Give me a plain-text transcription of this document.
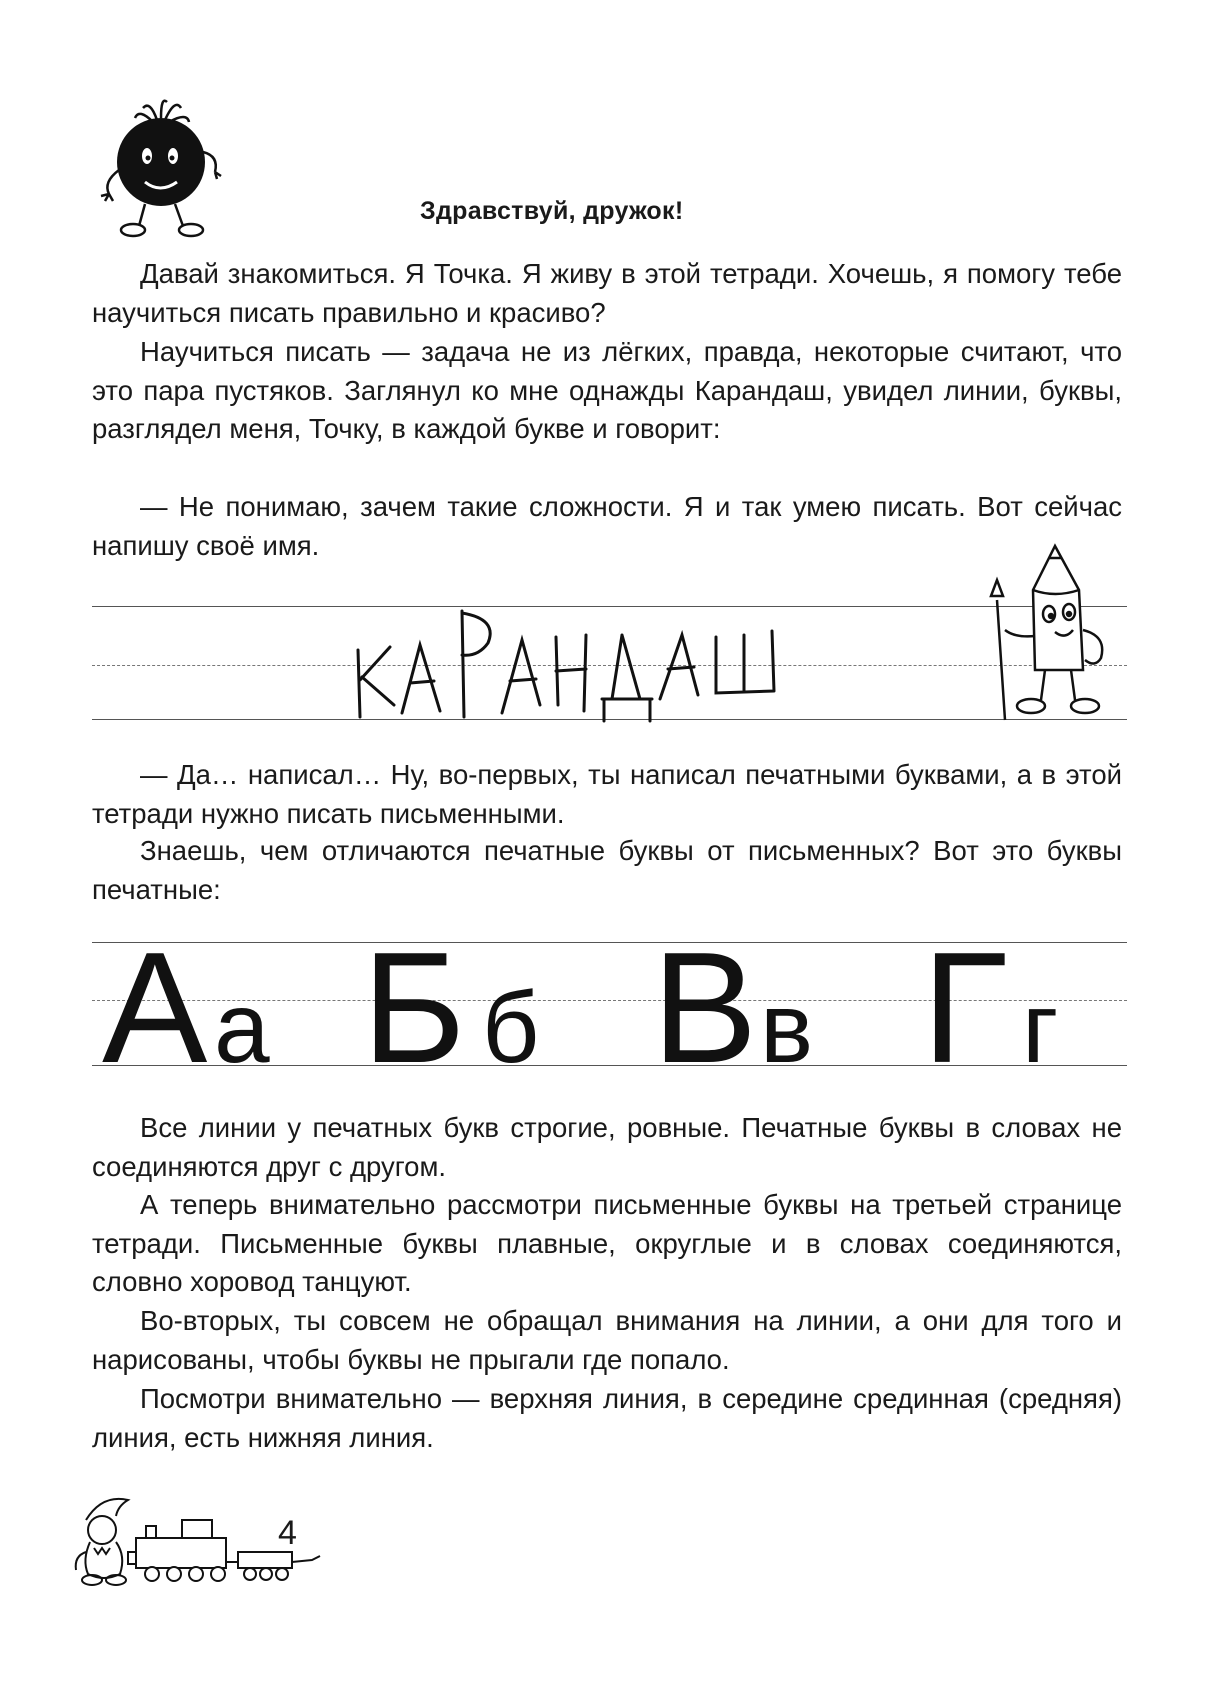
Здравствуй, дружок!

Давай знакомиться. Я Точка. Я живу в этой тетради. Хочешь, я помогу тебе научиться писать правильно и красиво?

Научиться писать — задача не из лёгких, правда, некоторые считают, что это пара пустяков. Заглянул ко мне однажды Карандаш, увидел линии, буквы, разглядел меня, Точку, в каждой букве и говорит:

— Не понимаю, зачем такие сложности. Я и так умею писать. Вот сейчас напишу своё имя.

— Да… написал… Ну, во-первых, ты написал печатными буквами, а в этой тетради нужно писать письменными.

Знаешь, чем отличаются печатные буквы от письменных? Вот это буквы печатные:

А а Б б В в Г г

Все линии у печатных букв строгие, ровные. Печатные буквы в словах не соединяются друг с другом.

А теперь внимательно рассмотри письменные буквы на третьей странице тетради. Письменные буквы плавные, округлые и в словах соединяются, словно хоровод танцуют.

Во-вторых, ты совсем не обращал внимания на линии, а они для того и нарисованы, чтобы буквы не прыгали где попало.

Посмотри внимательно — верхняя линия, в середине срединная (средняя) линия, есть нижняя линия.

4
